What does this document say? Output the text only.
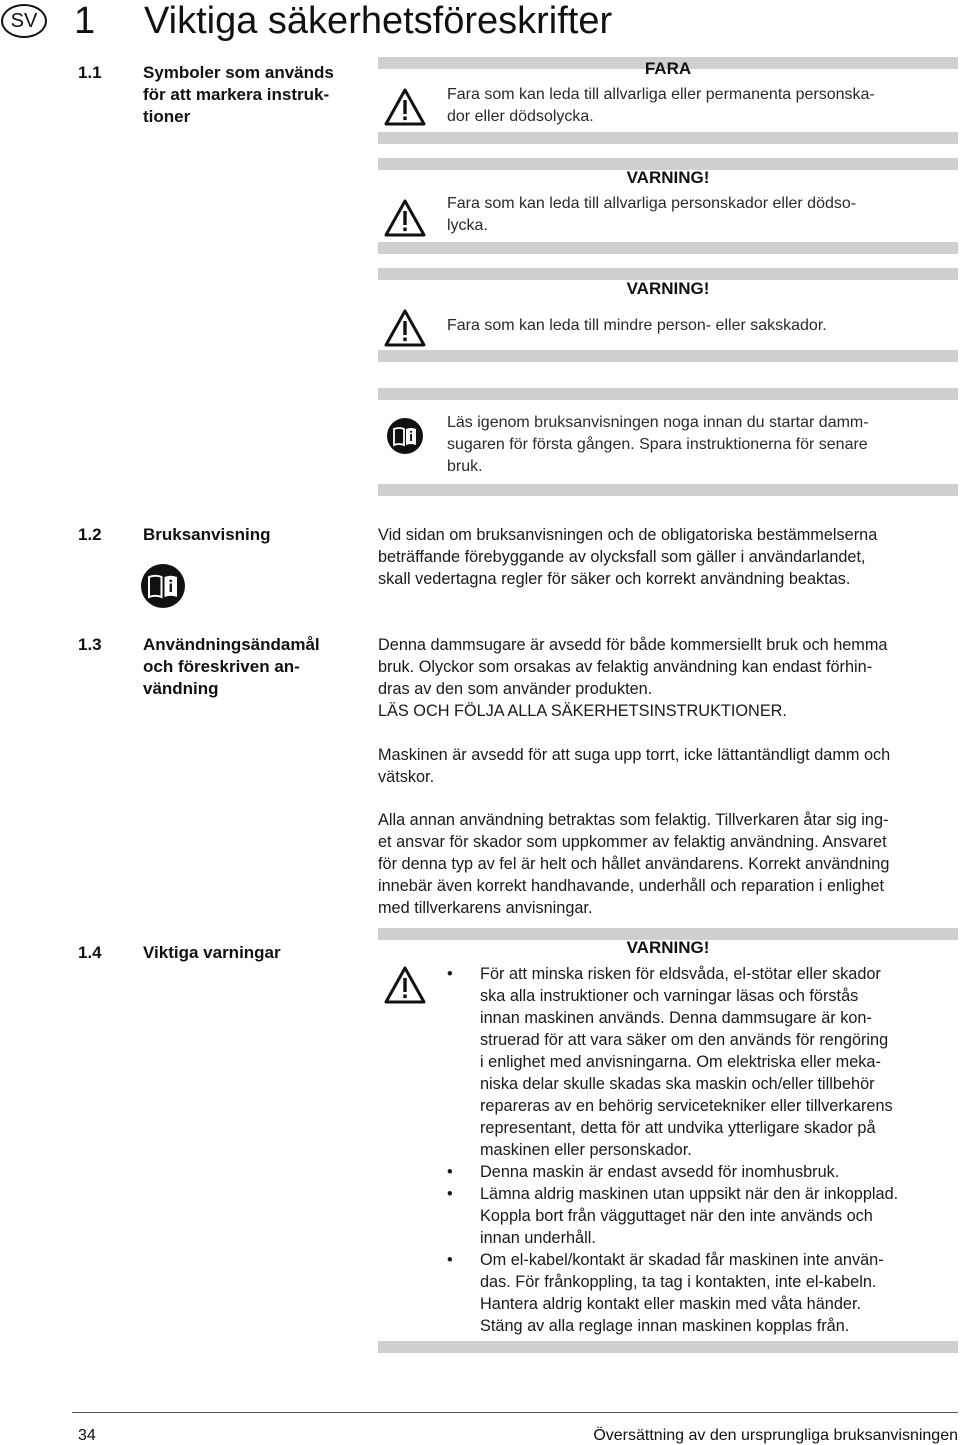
SV 1 Viktiga säkerhetsföreskrifter
1.1 Symboler som används
för att markera instruk-
tioner
FARA
Fara som kan leda till allvarliga eller permanenta personska-
dor eller dödsolycka.
VARNING!
Fara som kan leda till allvarliga personskador eller dödso-
lycka.
VARNING!
Fara som kan leda till mindre person- eller sakskador.
Läs igenom bruksanvisningen noga innan du startar damm-
sugaren för första gången. Spara instruktionerna för senare
bruk.
1.2 Bruksanvisning	Vid sidan om bruksanvisningen och de obligatoriska bestämmelserna
beträffande förebyggande av olycksfall som gäller i användarlandet,
skall vedertagna regler för säker och korrekt användning beaktas.
1.3 Användningsändamål
och föreskriven an-
vändning
Denna dammsugare är avsedd för både kommersiellt bruk och hemma
bruk. Olyckor som orsakas av felaktig användning kan endast förhin-
dras av den som använder produkten.
LÄS OCH FÖLJA ALLA SÄKERHETSINSTRUKTIONER.
Maskinen är avsedd för att suga upp torrt, icke lättantändligt damm och
vätskor.
Alla annan användning betraktas som felaktig. Tillverkaren åtar sig ing-
et ansvar för skador som uppkommer av felaktig användning. Ansvaret
för denna typ av fel är helt och hållet användarens. Korrekt användning
innebär även korrekt handhavande, underhåll och reparation i enlighet
med tillverkarens anvisningar.
1.4 Viktiga varningar	VARNING!
• För att minska risken för eldsvåda, el-stötar eller skador
ska alla instruktioner och varningar läsas och förstås
innan maskinen används. Denna dammsugare är kon-
struerad för att vara säker om den används för rengöring
i enlighet med anvisningarna. Om elektriska eller meka-
niska delar skulle skadas ska maskin och/eller tillbehör
repareras av en behörig servicetekniker eller tillverkarens
representant, detta för att undvika ytterligare skador på
maskinen eller personskador.
• Denna maskin är endast avsedd för inomhusbruk.
• Lämna aldrig maskinen utan uppsikt när den är inkopplad.
Koppla bort från vägguttaget när den inte används och
innan underhåll.
• Om el-kabel/kontakt är skadad får maskinen inte använ-
das. För frånkoppling, ta tag i kontakten, inte el-kabeln.
Hantera aldrig kontakt eller maskin med våta händer.
Stäng av alla reglage innan maskinen kopplas från.
34	Översättning av den ursprungliga bruksanvisningen
